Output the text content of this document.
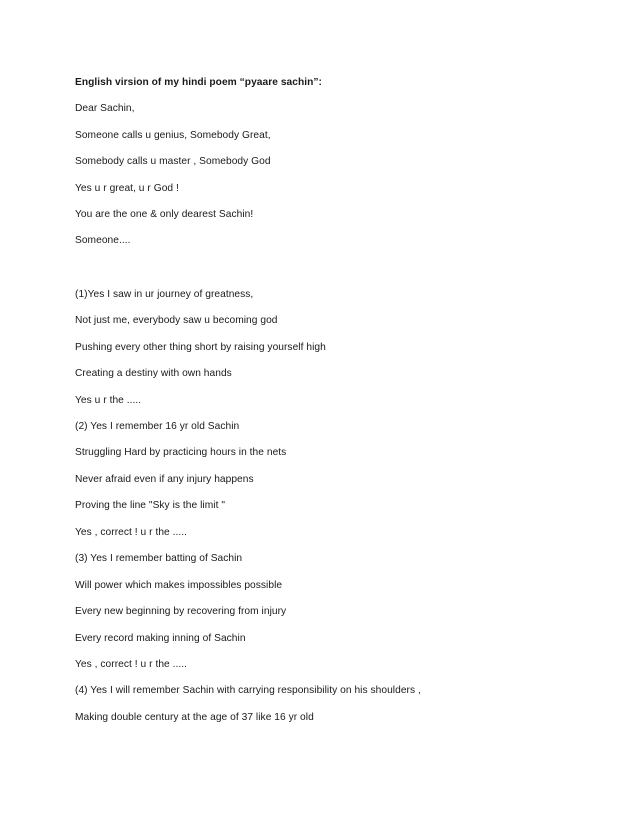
English virsion of my hindi poem “pyaare sachin”:
Dear Sachin,
Someone calls u genius, Somebody Great,
Somebody calls u master , Somebody God
Yes u r great, u r God !
You are the one & only dearest Sachin!
Someone....
(1)Yes I saw in ur journey of greatness,
Not just me, everybody saw u becoming god
Pushing every other thing short by raising yourself high
Creating a destiny with own hands
Yes u r the .....
(2) Yes I remember 16 yr old Sachin
Struggling Hard by practicing hours in the nets
Never afraid even if any injury happens
Proving the line "Sky is the limit "
Yes , correct ! u r the .....
(3) Yes I remember batting of Sachin
Will power which makes impossibles possible
Every new beginning by recovering from injury
Every record making inning of Sachin
Yes , correct ! u r the .....
(4) Yes I will remember Sachin with carrying responsibility on his shoulders ,
Making double century at the age of 37 like 16 yr old
